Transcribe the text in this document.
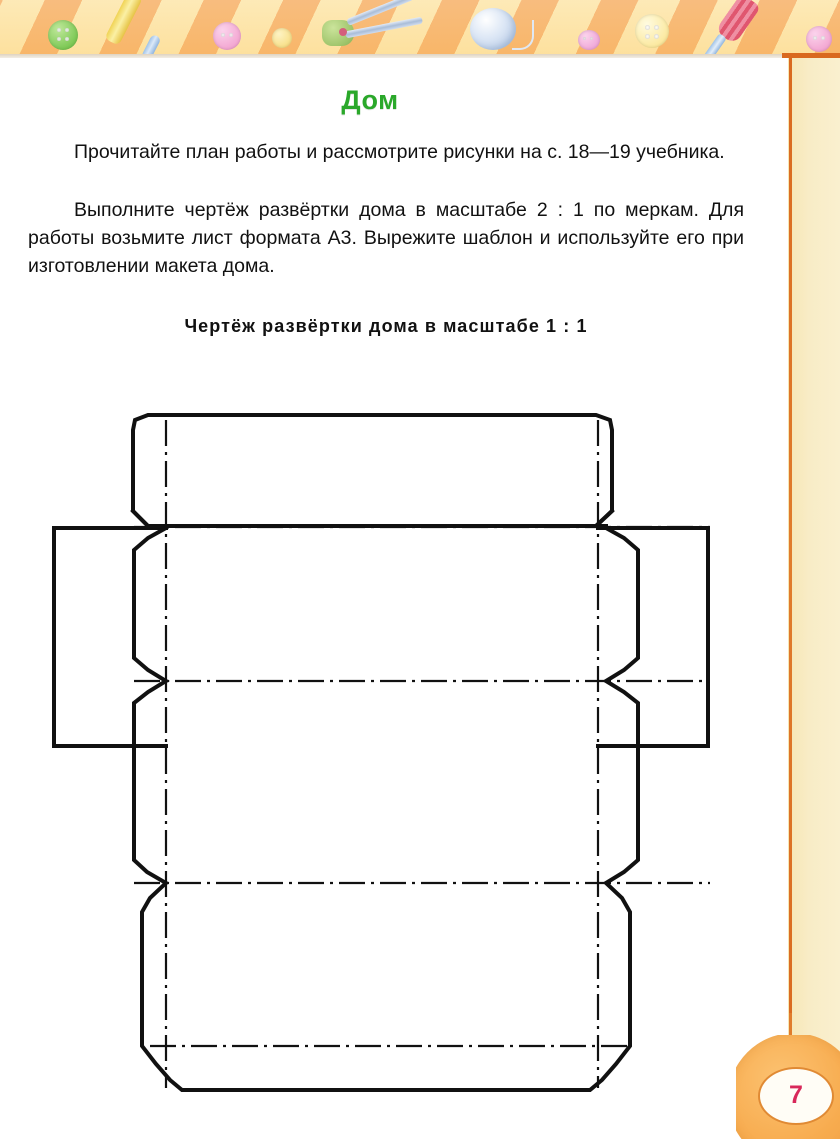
Дом
Прочитайте план работы и рассмотрите рисунки на с. 18—19 учебника.
Выполните чертёж развёртки дома в масштабе 2 : 1 по меркам. Для работы возьмите лист формата А3. Вырежите шаблон и используйте его при изготовлении макета дома.
Чертёж развёртки дома в масштабе 1 : 1
7
